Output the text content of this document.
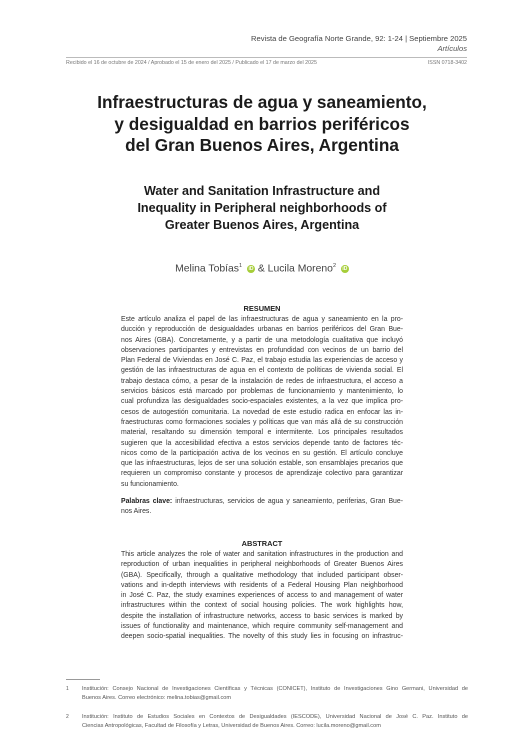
Revista de Geografía Norte Grande, 92: 1-24 | Septiembre 2025
Artículos
Recibido el 16 de octubre de 2024 / Aprobado el 15 de enero del 2025 / Publicado el 17 de marzo del 2025	ISSN 0718-3402
Infraestructuras de agua y saneamiento,
y desigualdad en barrios periféricos
del Gran Buenos Aires, Argentina
Water and Sanitation Infrastructure and
Inequality in Peripheral neighborhoods of
Greater Buenos Aires, Argentina
Melina Tobías$^1$ iD & Lucila Moreno$^2$ iD
RESUMEN
Este artículo analiza el papel de las infraestructuras de agua y saneamiento en la pro-
ducción y reproducción de desigualdades urbanas en barrios periféricos del Gran Bue-
nos Aires (GBA). Concretamente, y a partir de una metodología cualitativa que incluyó
observaciones participantes y entrevistas en profundidad con vecinos de un barrio del
Plan Federal de Viviendas en José C. Paz, el trabajo estudia las experiencias de acceso y
gestión de las infraestructuras de agua en el contexto de políticas de vivienda social. El
trabajo destaca cómo, a pesar de la instalación de redes de infraestructura, el acceso a
servicios básicos está marcado por problemas de funcionamiento y mantenimiento, lo
cual profundiza las desigualdades socio-espaciales existentes, a la vez que implica pro-
cesos de autogestión comunitaria. La novedad de este estudio radica en enfocar las in-
fraestructuras como formaciones sociales y políticas que van más allá de su construcción
material, resaltando su dimensión temporal e intermitente. Los principales resultados
sugieren que la accesibilidad efectiva a estos servicios depende tanto de factores téc-
nicos como de la participación activa de los vecinos en su gestión. El artículo concluye
que las infraestructuras, lejos de ser una solución estable, son ensamblajes precarios que
requieren un compromiso constante y procesos de aprendizaje colectivo para garantizar
su funcionamiento.
Palabras clave: infraestructuras, servicios de agua y saneamiento, periferias, Gran Bue-
nos Aires.
ABSTRACT
This article analyzes the role of water and sanitation infrastructures in the production and
reproduction of urban inequalities in peripheral neighborhoods of Greater Buenos Aires
(GBA). Specifically, through a qualitative methodology that included participant obser-
vations and in-depth interviews with residents of a Federal Housing Plan neighborhood
in José C. Paz, the study examines experiences of access to and management of water
infrastructures within the context of social housing policies. The work highlights how,
despite the installation of infrastructure networks, access to basic services is marked by
issues of functionality and maintenance, which require community self-management and
deepen socio-spatial inequalities. The novelty of this study lies in focusing on infrastruc-
1 Institución: Consejo Nacional de Investigaciones Científicas y Técnicas (CONICET), Instituto de Investigaciones Gino Germani, Universidad de
Buenos Aires. Correo electrónico: melina.tobias@gmail.com
2 Institución: Instituto de Estudios Sociales en Contextos de Desigualdades (IESCODE), Universidad Nacional de José C. Paz. Instituto de
Ciencias Antropológicas, Facultad de Filosofía y Letras, Universidad de Buenos Aires. Correo: lucila.moreno@gmail.com
